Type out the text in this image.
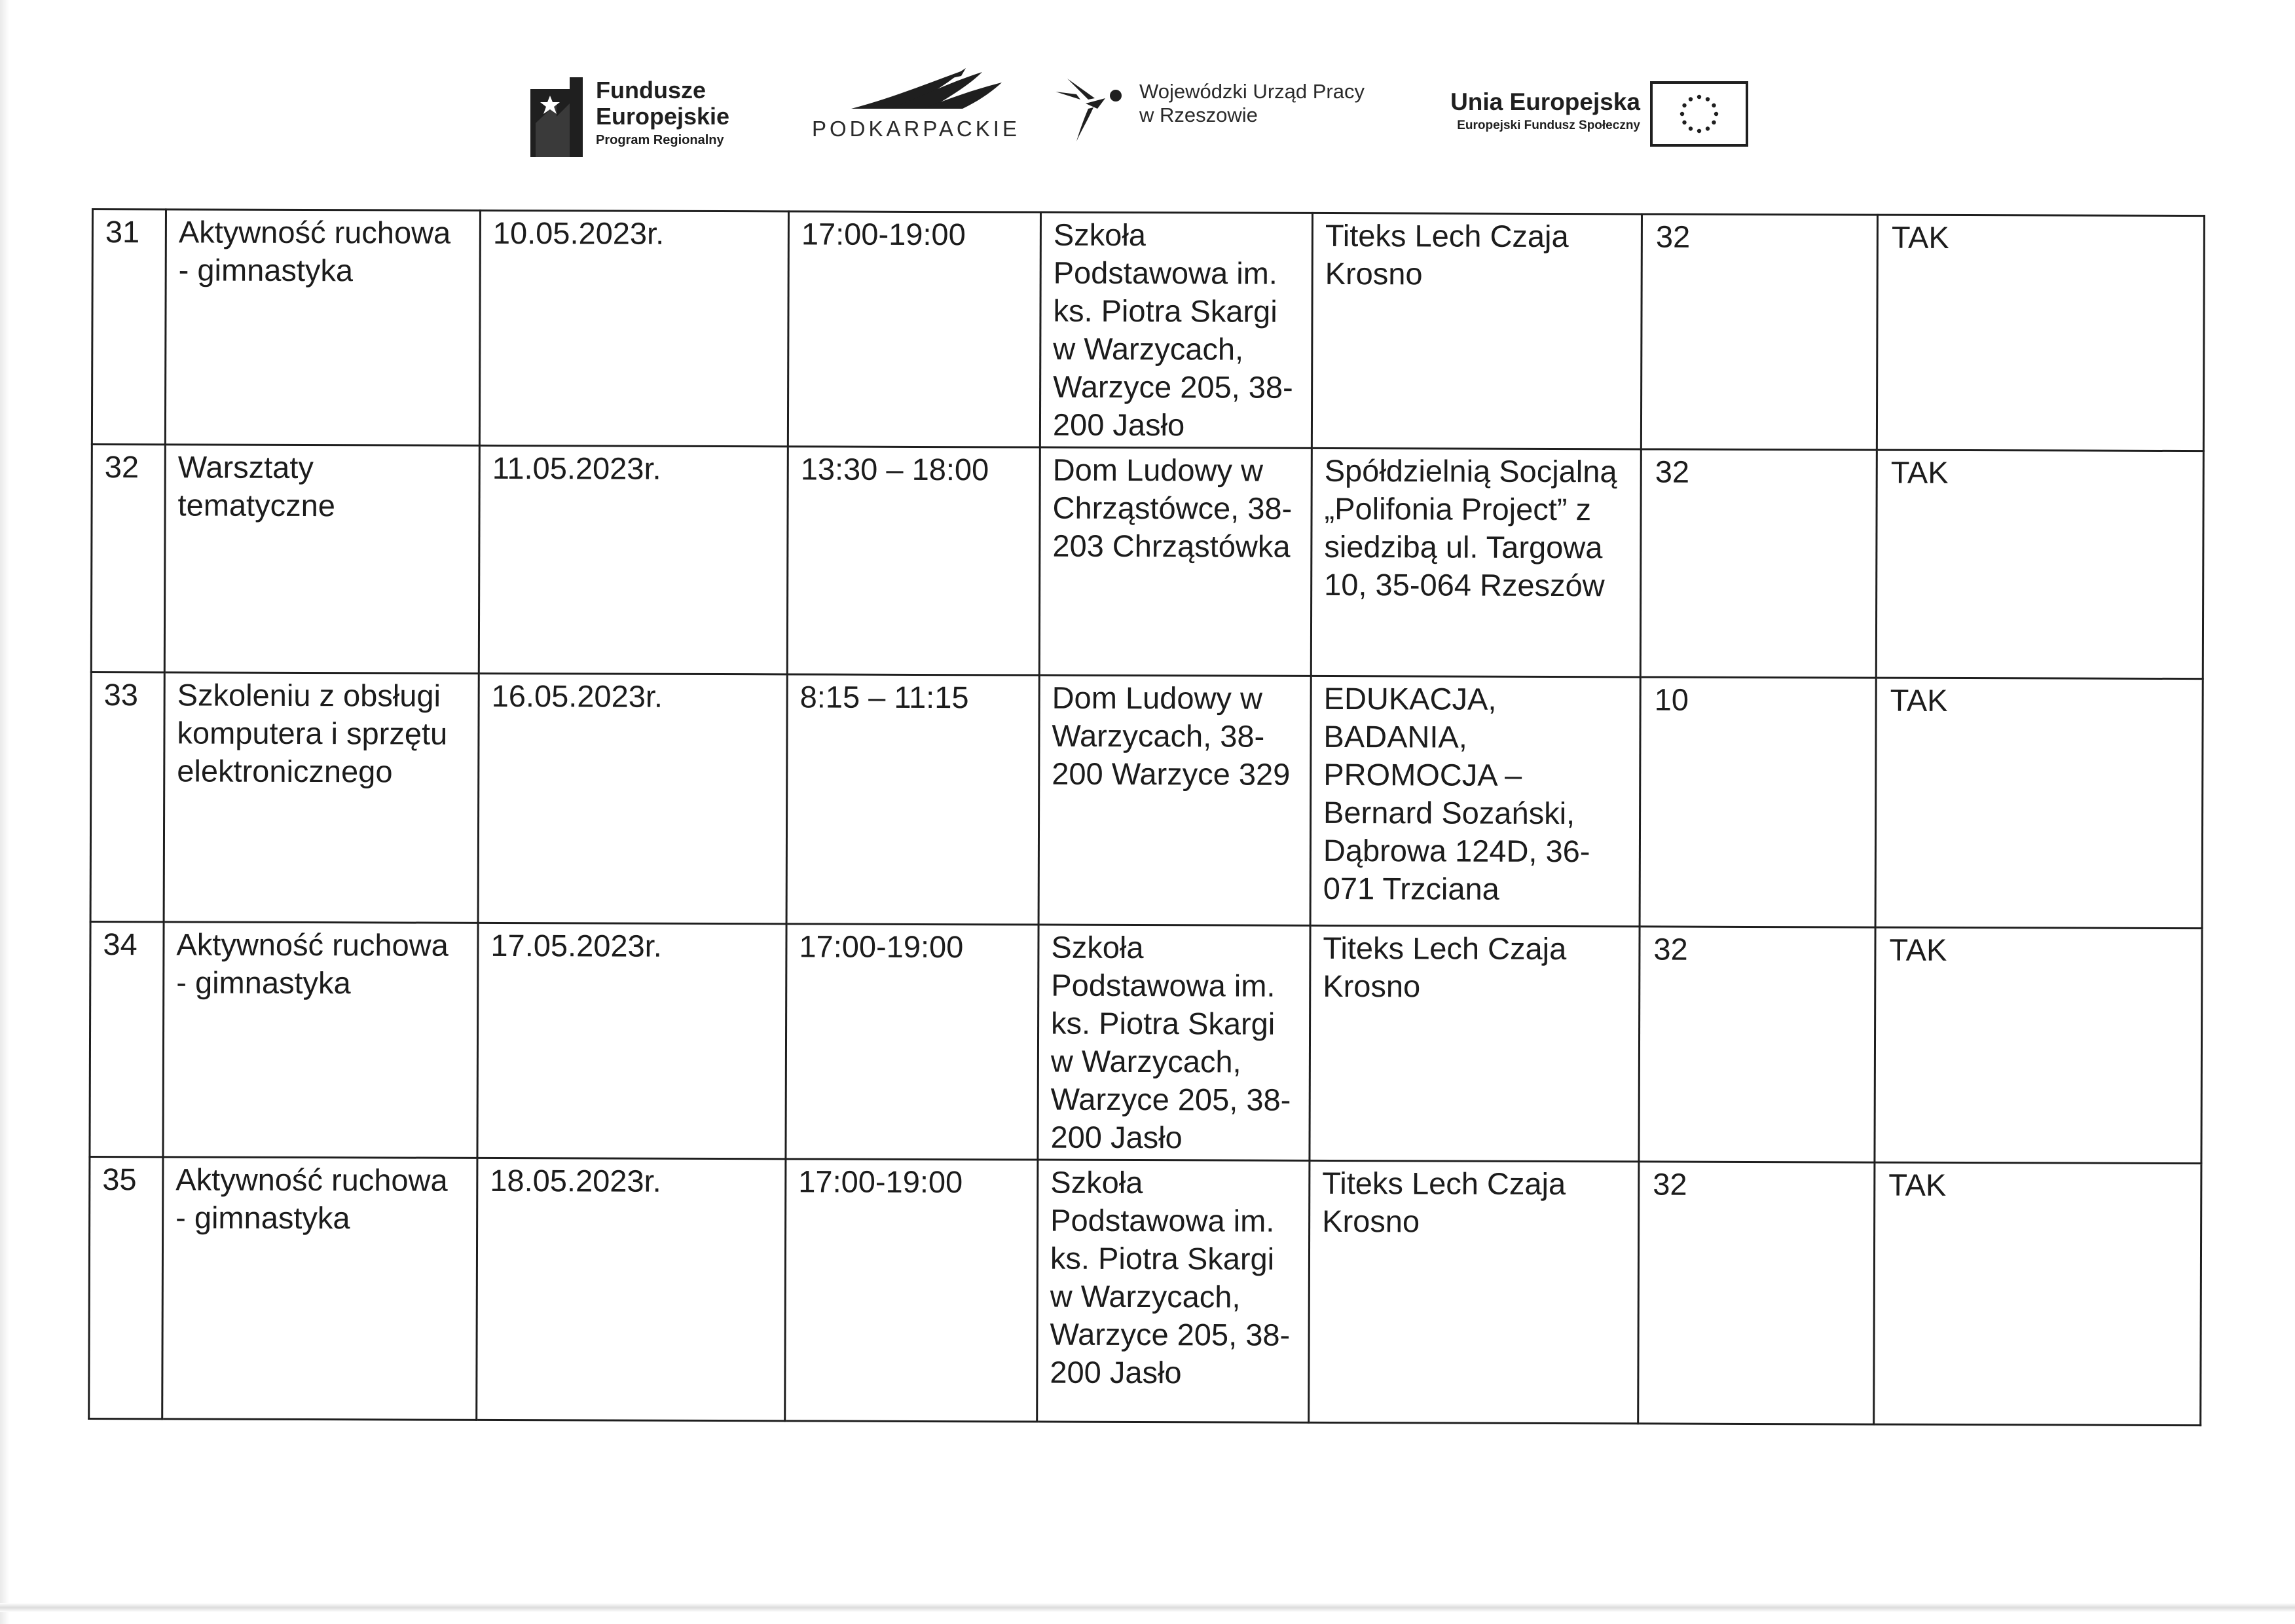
Fundusze
Europejskie
Program Regionalny	PODKARPACKIE
Wojewódzki Urząd Pracy
w Rzeszowie	Unia Europejska
Europejski Fundusz Społeczny
31	Aktywność ruchowa - gimnastyka	10.05.2023r.	17:00-19:00	Szkoła Podstawowa im. ks. Piotra Skargi w Warzycach, Warzyce 205, 38-200 Jasło	Titeks Lech Czaja Krosno	32	TAK
32	Warsztaty tematyczne	11.05.2023r.	13:30 – 18:00	Dom Ludowy w Chrząstówce, 38-203 Chrząstówka	Spółdzielnią Socjalną „Polifonia Project” z siedzibą ul. Targowa 10, 35-064 Rzeszów	32	TAK
33	Szkoleniu z obsługi komputera i sprzętu elektronicznego	16.05.2023r.	8:15 – 11:15	Dom Ludowy w Warzycach, 38-200 Warzyce 329	EDUKACJA, BADANIA, PROMOCJA – Bernard Sozański, Dąbrowa 124D, 36-071 Trzciana	10	TAK
34	Aktywność ruchowa - gimnastyka	17.05.2023r.	17:00-19:00	Szkoła Podstawowa im. ks. Piotra Skargi w Warzycach, Warzyce 205, 38-200 Jasło	Titeks Lech Czaja Krosno	32	TAK
35	Aktywność ruchowa - gimnastyka	18.05.2023r.	17:00-19:00	Szkoła Podstawowa im. ks. Piotra Skargi w Warzycach, Warzyce 205, 38-200 Jasło	Titeks Lech Czaja Krosno	32	TAK
